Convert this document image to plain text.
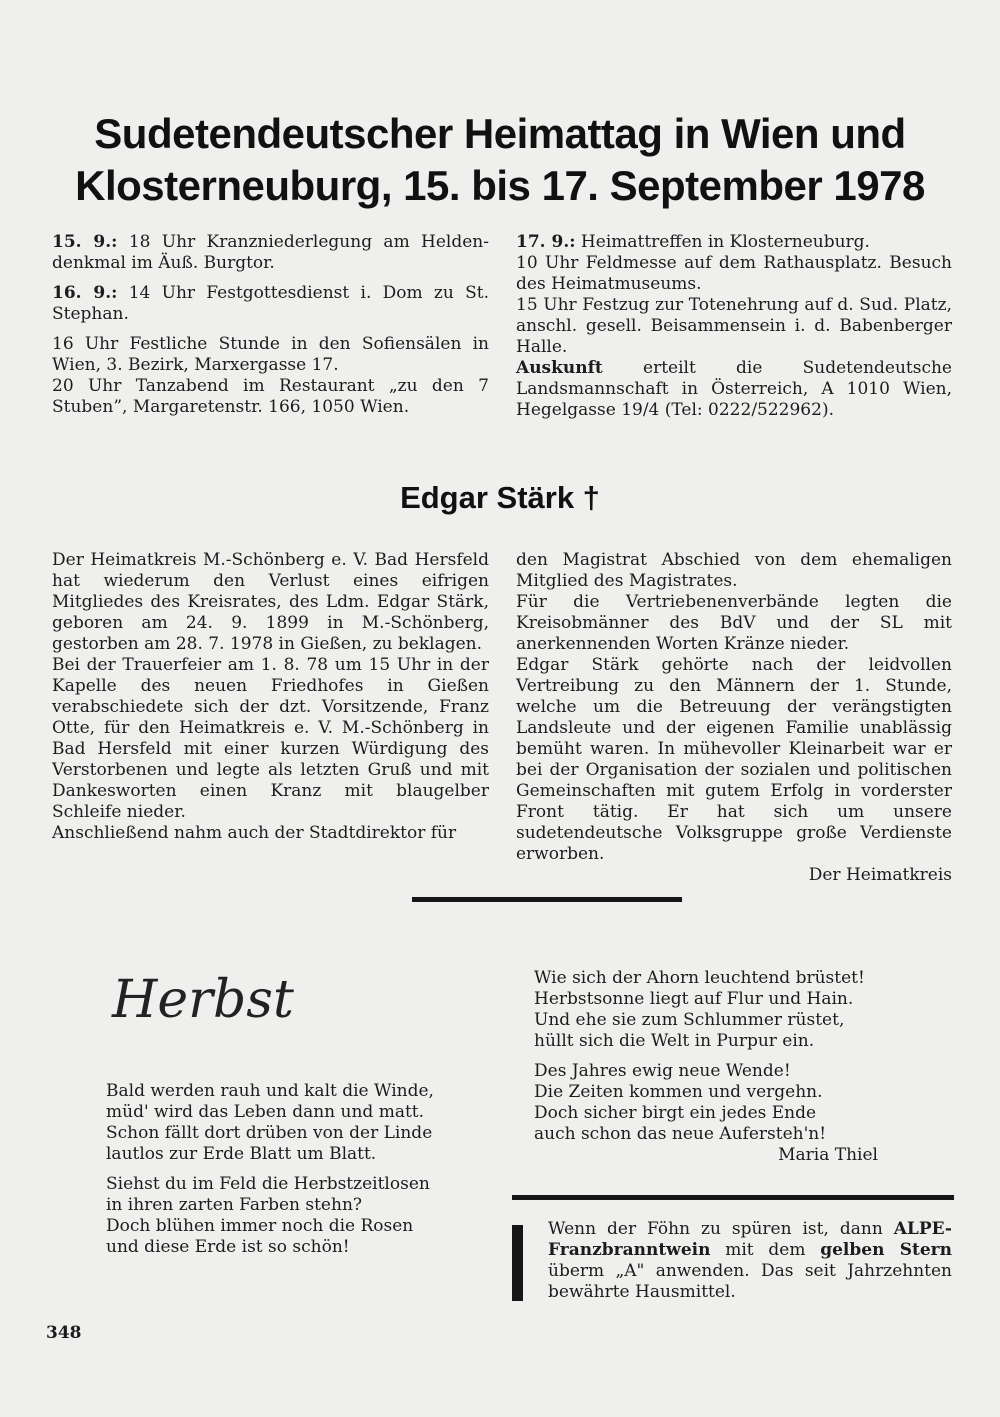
Sudetendeutscher Heimattag in Wien und
Klosterneuburg, 15. bis 17. September 1978

15. 9.: 18 Uhr Kranzniederlegung am Helden-denkmal im Äuß. Burgtor.

16. 9.: 14 Uhr Festgottesdienst i. Dom zu St. Stephan.

16 Uhr Festliche Stunde in den Sofiensälen in Wien, 3. Bezirk, Marxergasse 17.

20 Uhr Tanzabend im Restaurant „zu den 7 Stuben”, Margaretenstr. 166, 1050 Wien.

17. 9.: Heimattreffen in Klosterneuburg.

10 Uhr Feldmesse auf dem Rathausplatz. Besuch des Heimatmuseums.

15 Uhr Festzug zur Totenehrung auf d. Sud. Platz, anschl. gesell. Beisammensein i. d. Babenberger Halle.

Auskunft erteilt die Sudetendeutsche Landsmannschaft in Österreich, A 1010 Wien, Hegelgasse 19/4 (Tel: 0222/522962).

Edgar Stärk †

Der Heimatkreis M.-Schönberg e. V. Bad Hersfeld hat wiederum den Verlust eines eifrigen Mitgliedes des Kreisrates, des Ldm. Edgar Stärk, geboren am 24. 9. 1899 in M.-Schönberg, gestorben am 28. 7. 1978 in Gießen, zu beklagen.

Bei der Trauerfeier am 1. 8. 78 um 15 Uhr in der Kapelle des neuen Friedhofes in Gießen verabschiedete sich der dzt. Vorsitzende, Franz Otte, für den Heimatkreis e. V. M.-Schönberg in Bad Hersfeld mit einer kurzen Würdigung des Verstorbenen und legte als letzten Gruß und mit Dankesworten einen Kranz mit blaugelber Schleife nieder.

Anschließend nahm auch der Stadtdirektor für

den Magistrat Abschied von dem ehemaligen Mitglied des Magistrates.

Für die Vertriebenenverbände legten die Kreisobmänner des BdV und der SL mit anerkennenden Worten Kränze nieder.

Edgar Stärk gehörte nach der leidvollen Vertreibung zu den Männern der 1. Stunde, welche um die Betreuung der verängstigten Landsleute und der eigenen Familie unablässig bemüht waren. In mühevoller Kleinarbeit war er bei der Organisation der sozialen und politischen Gemeinschaften mit gutem Erfolg in vorderster Front tätig. Er hat sich um unsere sudetendeutsche Volksgruppe große Verdienste erworben.

Der Heimatkreis

Herbst

Bald werden rauh und kalt die Winde,

müd' wird das Leben dann und matt.

Schon fällt dort drüben von der Linde

lautlos zur Erde Blatt um Blatt.

Siehst du im Feld die Herbstzeitlosen

in ihren zarten Farben stehn?

Doch blühen immer noch die Rosen

und diese Erde ist so schön!

Wie sich der Ahorn leuchtend brüstet!

Herbstsonne liegt auf Flur und Hain.

Und ehe sie zum Schlummer rüstet,

hüllt sich die Welt in Purpur ein.

Des Jahres ewig neue Wende!

Die Zeiten kommen und vergehn.

Doch sicher birgt ein jedes Ende

auch schon das neue Aufersteh'n!

Maria Thiel

Wenn der Föhn zu spüren ist, dann ALPE-Franzbranntwein mit dem gelben Stern überm „A" anwenden. Das seit Jahrzehnten bewährte Hausmittel.
348
